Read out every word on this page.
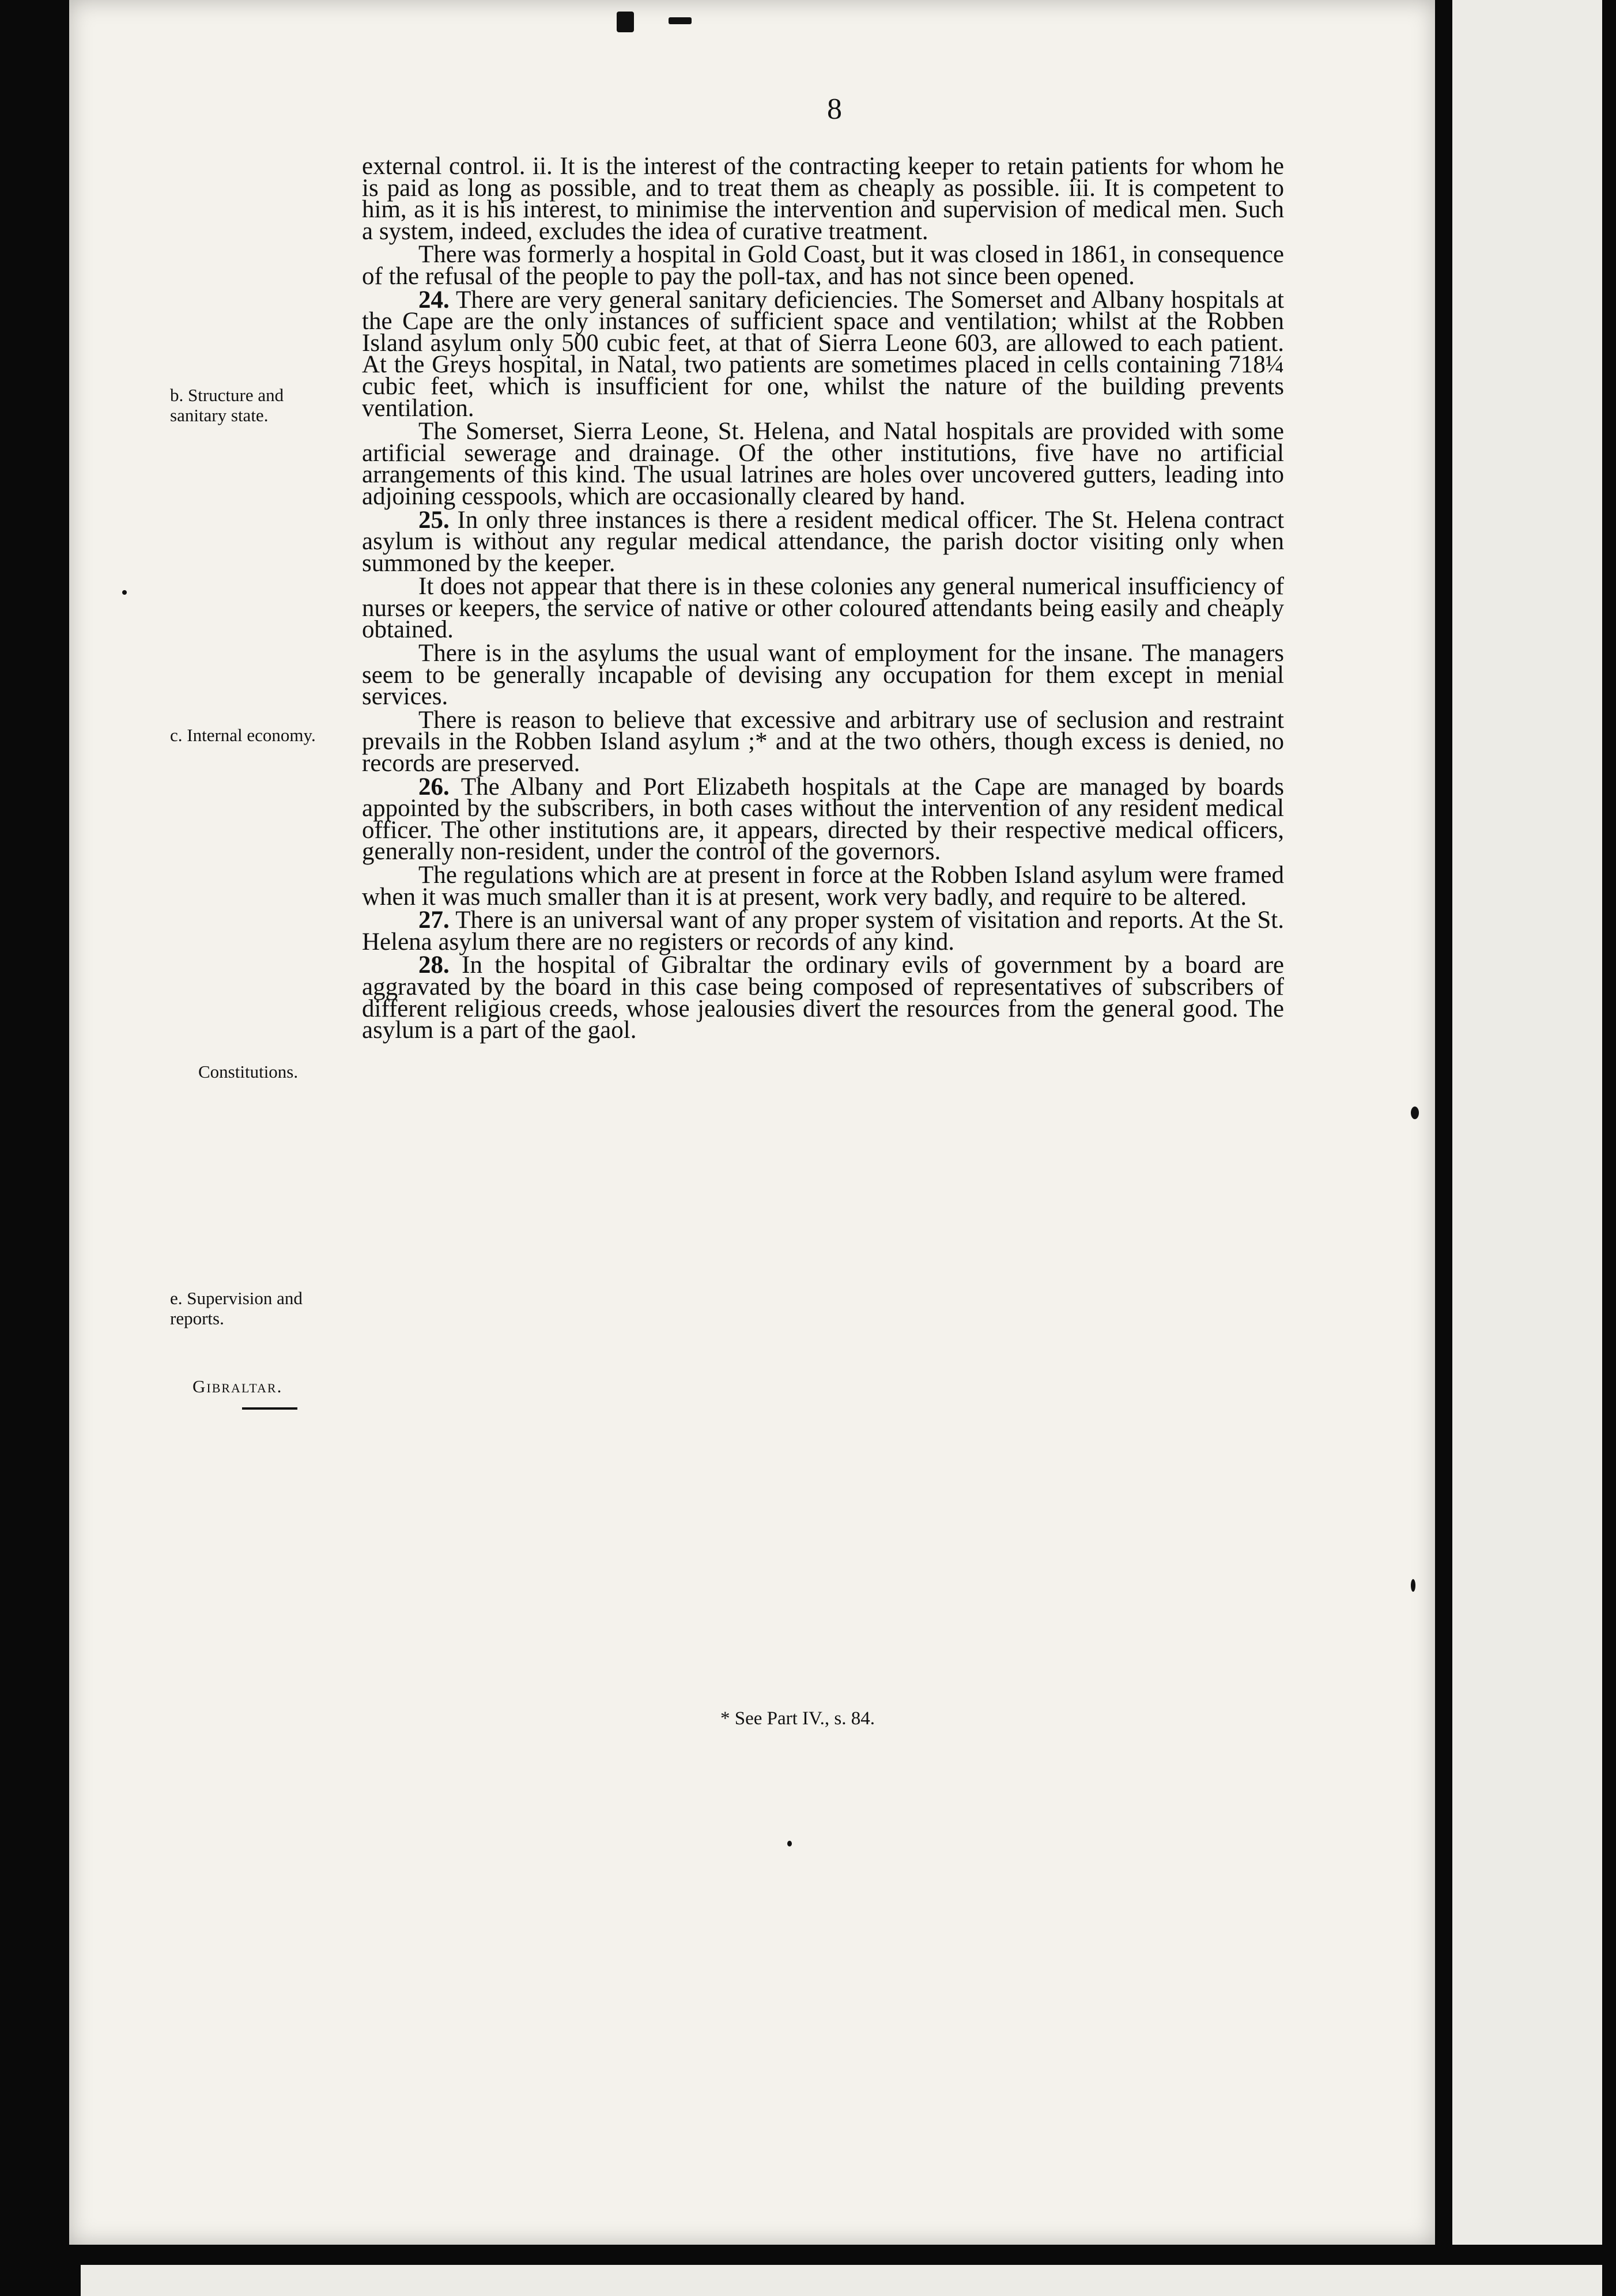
8
b. Structure and sanitary state.
c. Internal economy.
Constitutions.
e. Supervision and reports.
Gibraltar.

external control. ii. It is the interest of the contracting keeper to retain patients for whom he is paid as long as possible, and to treat them as cheaply as possible. iii. It is competent to him, as it is his interest, to minimise the intervention and supervision of medical men. Such a system, indeed, excludes the idea of curative treatment.

There was formerly a hospital in Gold Coast, but it was closed in 1861, in consequence of the refusal of the people to pay the poll-tax, and has not since been opened.

24. There are very general sanitary deficiencies. The Somerset and Albany hospitals at the Cape are the only instances of sufficient space and ventilation; whilst at the Robben Island asylum only 500 cubic feet, at that of Sierra Leone 603, are allowed to each patient. At the Greys hospital, in Natal, two patients are sometimes placed in cells containing 718¼ cubic feet, which is insufficient for one, whilst the nature of the building prevents ventilation.

The Somerset, Sierra Leone, St. Helena, and Natal hospitals are provided with some artificial sewerage and drainage. Of the other institutions, five have no artificial arrangements of this kind. The usual latrines are holes over uncovered gutters, leading into adjoining cesspools, which are occasionally cleared by hand.

25. In only three instances is there a resident medical officer. The St. Helena contract asylum is without any regular medical attendance, the parish doctor visiting only when summoned by the keeper.

It does not appear that there is in these colonies any general numerical insufficiency of nurses or keepers, the service of native or other coloured attendants being easily and cheaply obtained.

There is in the asylums the usual want of employment for the insane. The managers seem to be generally incapable of devising any occupation for them except in menial services.

There is reason to believe that excessive and arbitrary use of seclusion and restraint prevails in the Robben Island asylum ;* and at the two others, though excess is denied, no records are preserved.

26. The Albany and Port Elizabeth hospitals at the Cape are managed by boards appointed by the subscribers, in both cases without the intervention of any resident medical officer. The other institutions are, it appears, directed by their respective medical officers, generally non-resident, under the control of the governors.

The regulations which are at present in force at the Robben Island asylum were framed when it was much smaller than it is at present, work very badly, and require to be altered.

27. There is an universal want of any proper system of visitation and reports. At the St. Helena asylum there are no registers or records of any kind.

28. In the hospital of Gibraltar the ordinary evils of government by a board are aggravated by the board in this case being composed of representatives of subscribers of different religious creeds, whose jealousies divert the resources from the general good. The asylum is a part of the gaol.

* See Part IV., s. 84.
